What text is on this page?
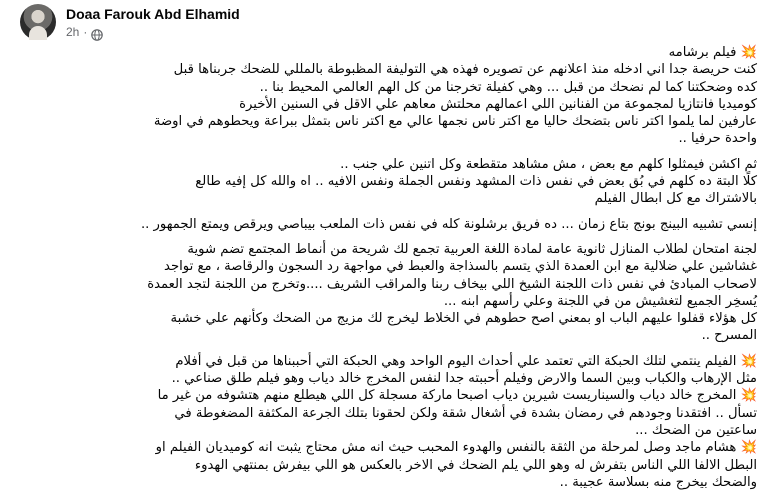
Doaa Farouk Abd Elhamid
2h ·
💥 فيلم برشامه
كنت حريصة جدا اني ادخله منذ اعلانهم عن تصويره فهذه هي التوليفة المظبوطة بالمللي للضحك جربناها قبل
كده وضحكتنا كما لم نضحك من قبل ... وهي كفيلة تخرجنا من كل الهم العالمي المحيط بنا ..
كوميديا فانتازيا لمجموعة من الفنانين اللي اعمالهم محلتش معاهم علي الاقل في السنين الأخيرة
عارفين لما يلموا اكتر ناس بتضحك حاليا مع اكتر ناس نجمها عالي مع اكتر ناس بتمثل ببراعة ويحطوهم في اوضة
واحدة حرفيا ..
ثم اكشن فيمثلوا كلهم مع بعض ، مش مشاهد متقطعة وكل اتنين علي جنب ..
كلًا البتة ده كلهم في بُق بعض في نفس ذات المشهد ونفس الجملة ونفس الافيه .. اه والله كل إفيه طالع
بالاشتراك مع كل ابطال الفيلم
إنسي تشبيه البينج بونج بتاع زمان ... ده فريق برشلونة كله في نفس ذات الملعب بيباصي ويرقص ويمتع الجمهور ..
لجنة امتحان لطلاب المنازل ثانوية عامة لمادة اللغة العربية تجمع لك شريحة من أنماط المجتمع تضم شوية
غشاشين علي ضلالية مع ابن العمدة الذي يتسم بالسذاجة والعبط في مواجهة رد السجون والرقاصة ، مع تواجد
لاصحاب المبادئ في نفس ذات اللجنة الشيخ اللي بيخاف ربنا والمراقب الشريف ....وتخرج من اللجنة لتجد العمدة
يُسخِر الجميع لتغشيش من في اللجنة وعلي رأسهم ابنه ...
كل هؤلاء قفلوا عليهم الباب او بمعني اصح حطوهم في الخلاط ليخرج لك مزيج من الضحك وكأنهم علي خشبة
المسرح ..
💥 الفيلم ينتمي لتلك الحبكة التي تعتمد علي أحداث اليوم الواحد وهي الحبكة التي أحببناها من قبل في أفلام
مثل الإرهاب والكباب وبين السما والارض وفيلم أحببته جدا لنفس المخرج خالد دياب وهو فيلم طلق صناعي ..
💥 المخرج خالد دياب والسيناريست شيرين دياب اصبحا ماركة مسجلة كل اللي هيطلع منهم هتشوفه من غير ما
تسأل .. افتقدنا وجودهم في رمضان بشدة في أشغال شقة ولكن لحقونا بتلك الجرعة المكثفة المضغوطة في
ساعتين من الضحك ...
💥 هشام ماجد وصل لمرحلة من الثقة بالنفس والهدوء المحبب حيث انه مش محتاج يثبت انه كوميديان الفيلم او
البطل الالفا اللي الناس بتفرش له وهو اللي يلم الضحك في الاخر بالعكس هو اللي بيفرش بمنتهي الهدوء
والضحك بيخرج منه بسلاسة عجيبة ..
